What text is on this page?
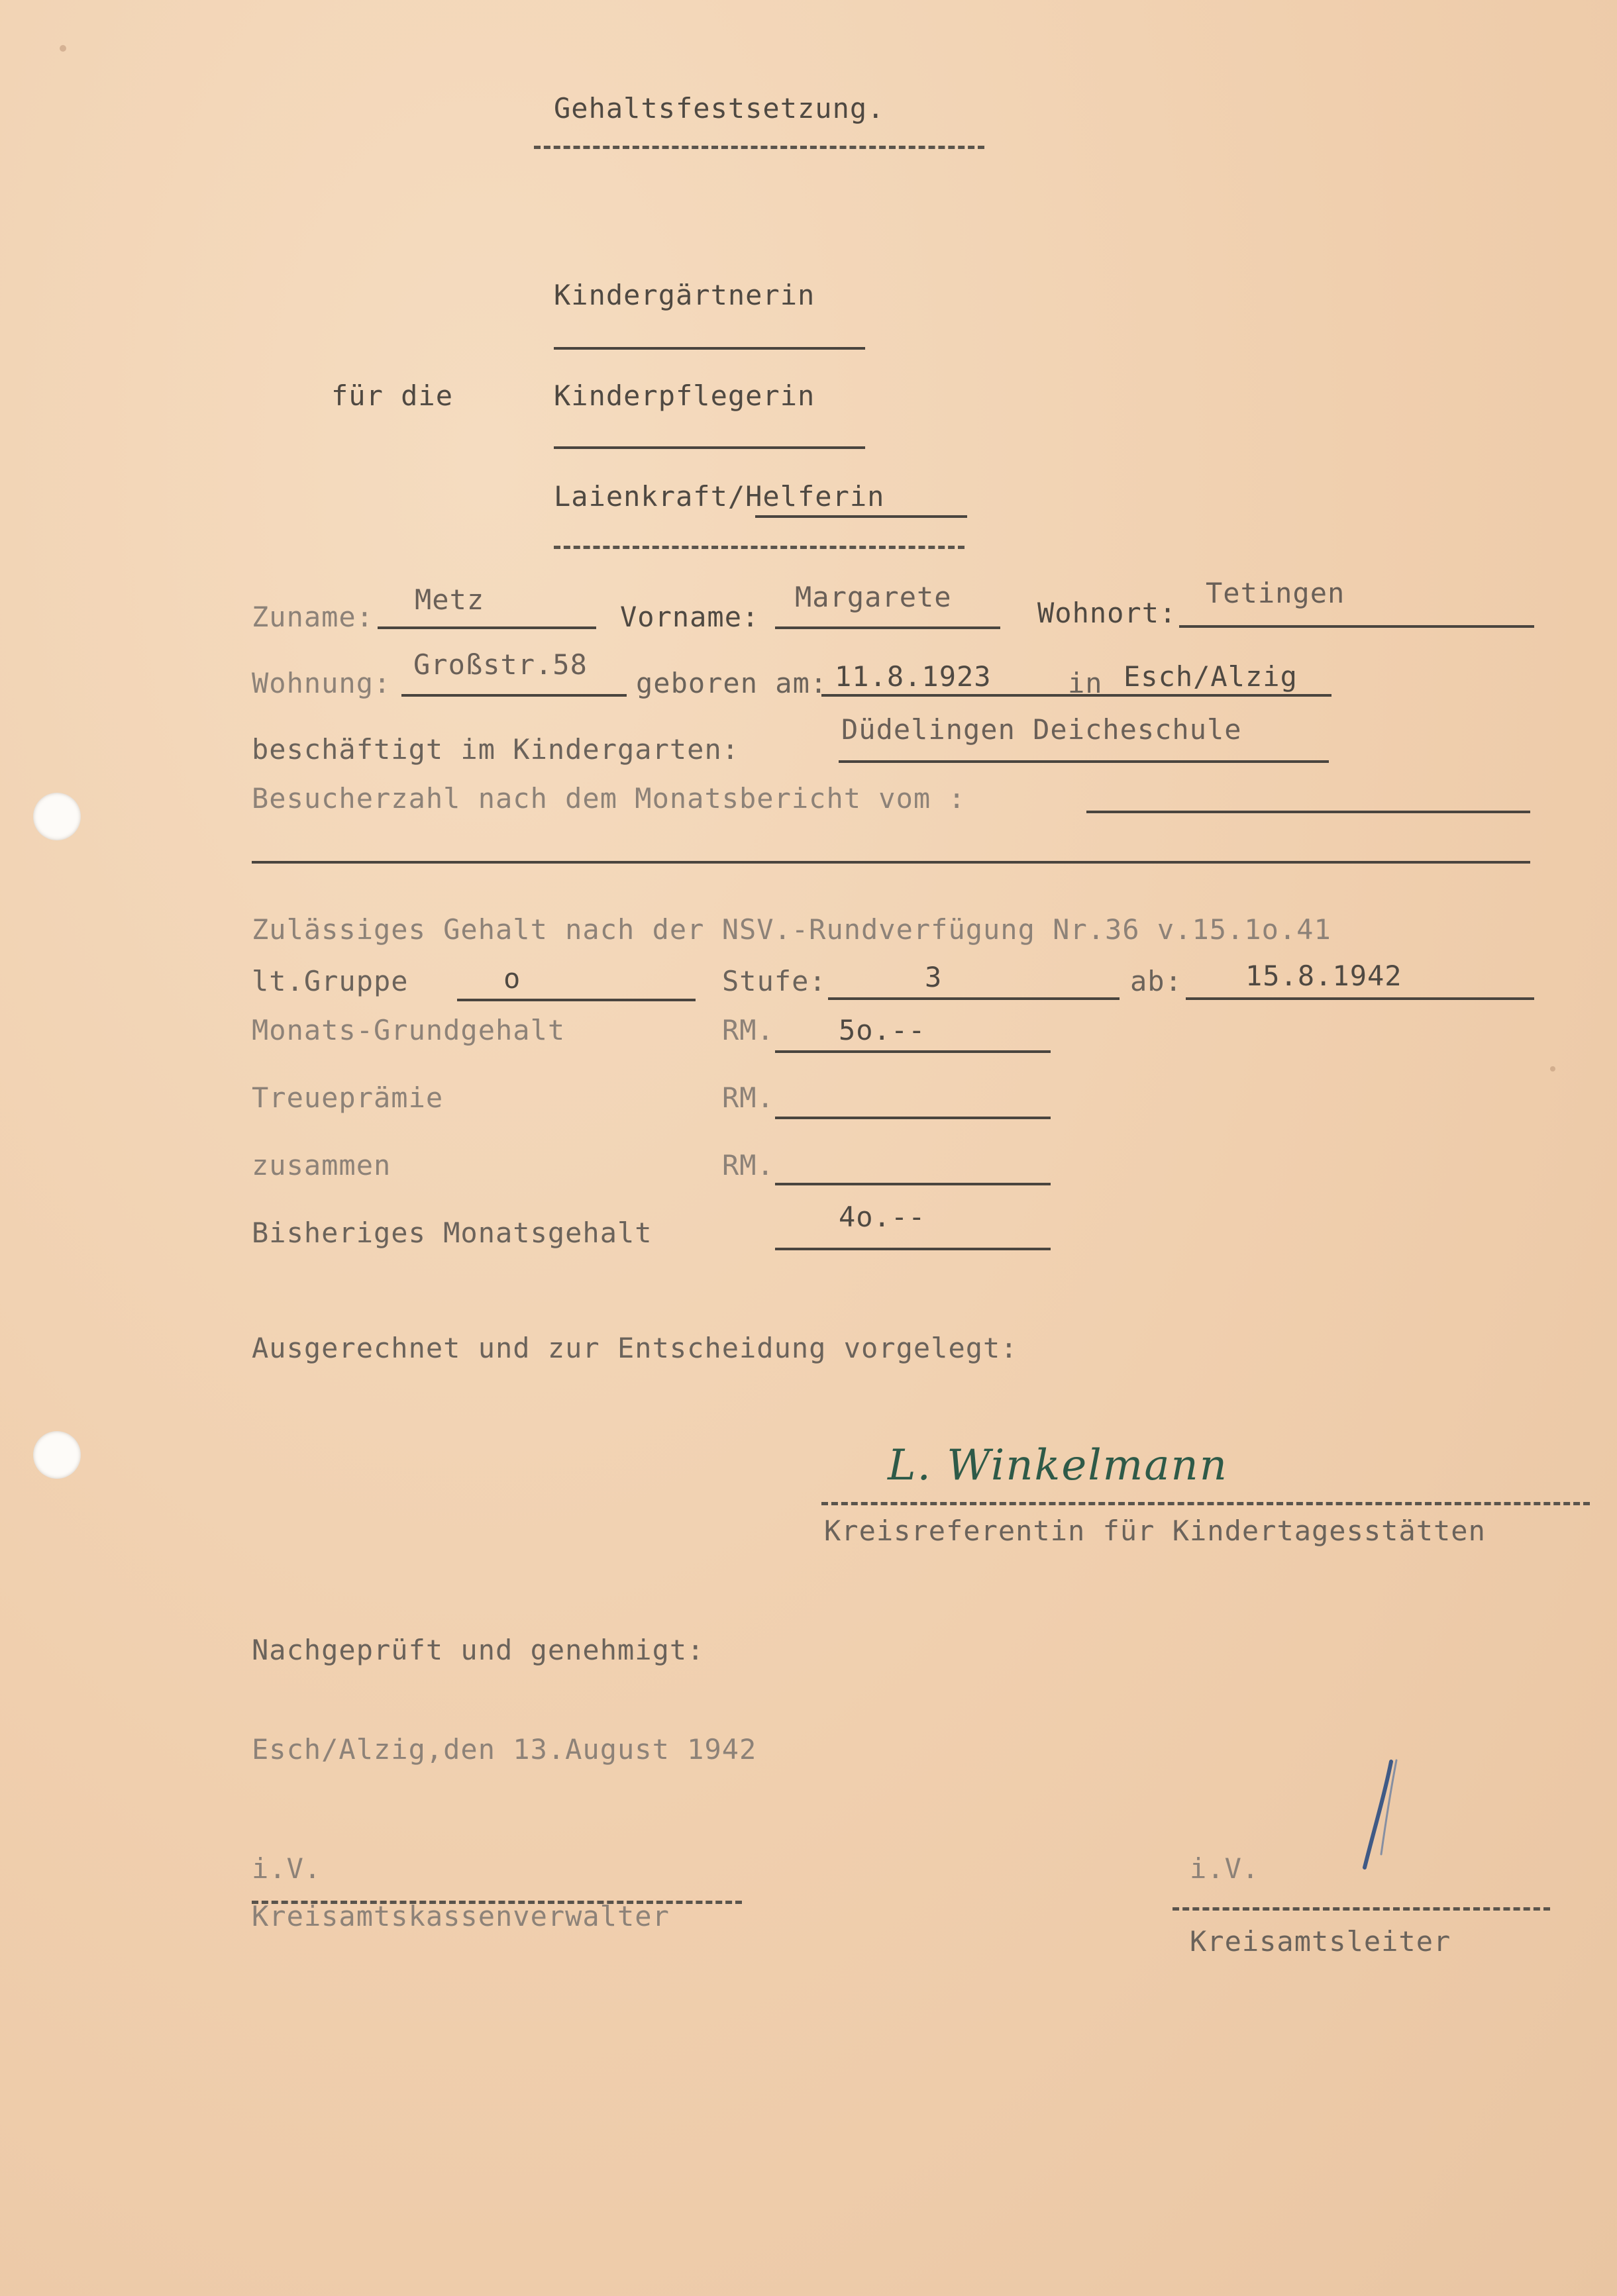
Gehaltsfestsetzung.
Kindergärtnerin
für die	Kinderpflegerin
Laienkraft/Helferin
Zuname:
Metz
Vorname:
Margarete	Wohnort:
Tetingen
Wohnung:
Großstr.58
geboren am: 11.8.1923	in Esch/Alzig
beschäftigt im Kindergarten:
Düdelingen Deicheschule
Besucherzahl nach dem Monatsbericht vom :
Zulässiges Gehalt nach der NSV.-Rundverfügung Nr.36 v.15.1o.41
lt.Gruppe	o	Stufe:	3	ab: 15.8.1942
Monats-Grundgehalt	RM. 5o.--
Treueprämie	RM.
zusammen	RM.
Bisheriges Monatsgehalt	4o.--
Ausgerechnet und zur Entscheidung vorgelegt:
L. Winkelmann
Kreisreferentin für Kindertagesstätten
Nachgeprüft und genehmigt:
Esch/Alzig,den 13.August 1942
i.V.
Kreisamtskassenverwalter
i.V.
Kreisamtsleiter
